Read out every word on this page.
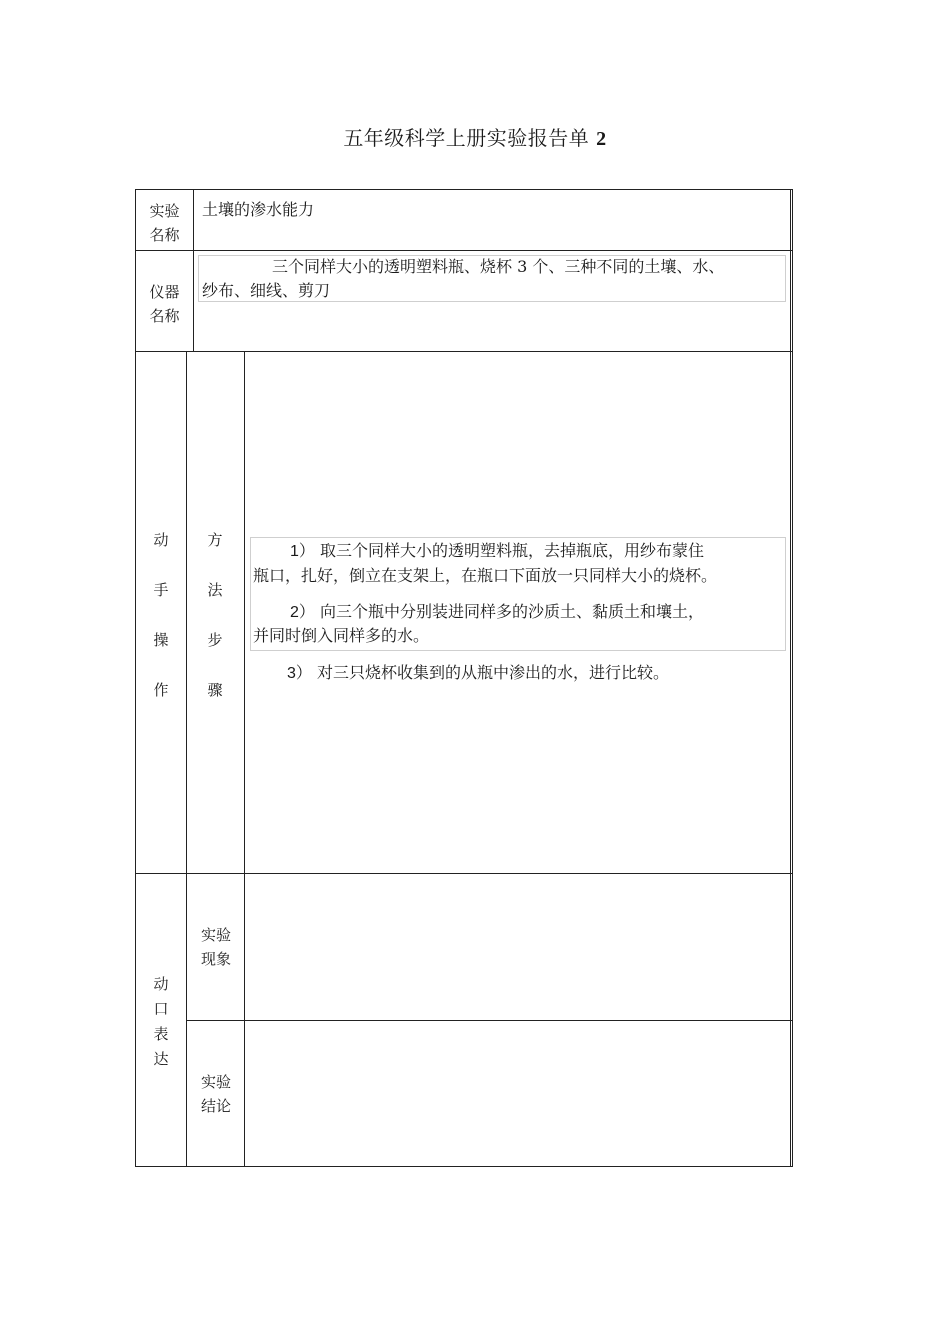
五年级科学上册实验报告单 2
实验
名称
土壤的渗水能力
仪器
名称
三个同样大小的透明塑料瓶、烧杯 3 个、三种不同的土壤、水、
纱布、细线、剪刀
动
手
操
作
方
法
步
骤
1） 取三个同样大小的透明塑料瓶，去掉瓶底，用纱布蒙住
瓶口，扎好，倒立在支架上，在瓶口下面放一只同样大小的烧杯。
2） 向三个瓶中分别装进同样多的沙质土、黏质土和壤土，
并同时倒入同样多的水。
3） 对三只烧杯收集到的从瓶中渗出的水，进行比较。
动
口
表
达
实验
现象
实验
结论
